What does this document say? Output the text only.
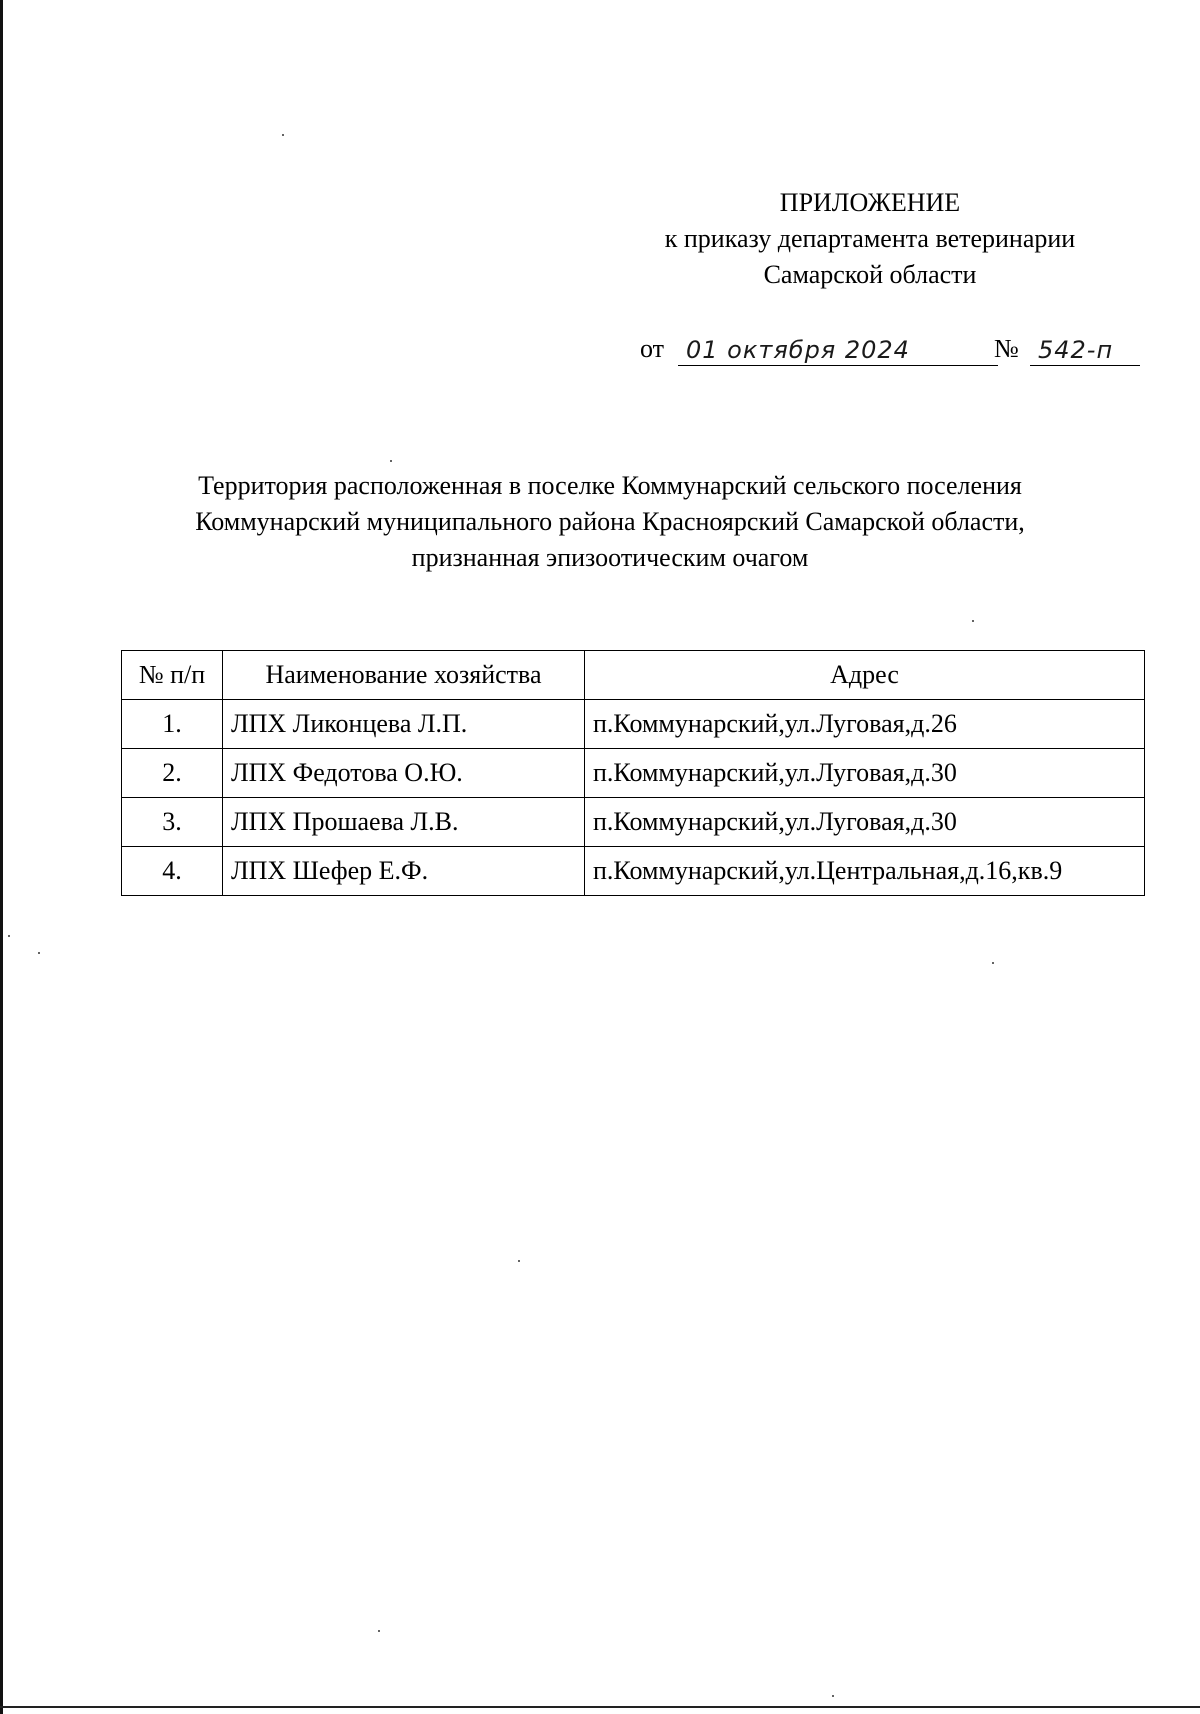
ПРИЛОЖЕНИЕ
к приказу департамента ветеринарии
Самарской области
от 01 октября 2024	№ 542-п
Территория расположенная в поселке Коммунарский сельского поселения
Коммунарский муниципального района Красноярский Самарской области,
признанная эпизоотическим очагом
№ п/п	Наименование хозяйства	Адрес
1.	ЛПХ Ликонцева Л.П.	п.Коммунарский,ул.Луговая,д.26
2.	ЛПХ Федотова О.Ю.	п.Коммунарский,ул.Луговая,д.30
3.	ЛПХ Прошаева Л.В.	п.Коммунарский,ул.Луговая,д.30
4.	ЛПХ Шефер Е.Ф.	п.Коммунарский,ул.Центральная,д.16,кв.9
